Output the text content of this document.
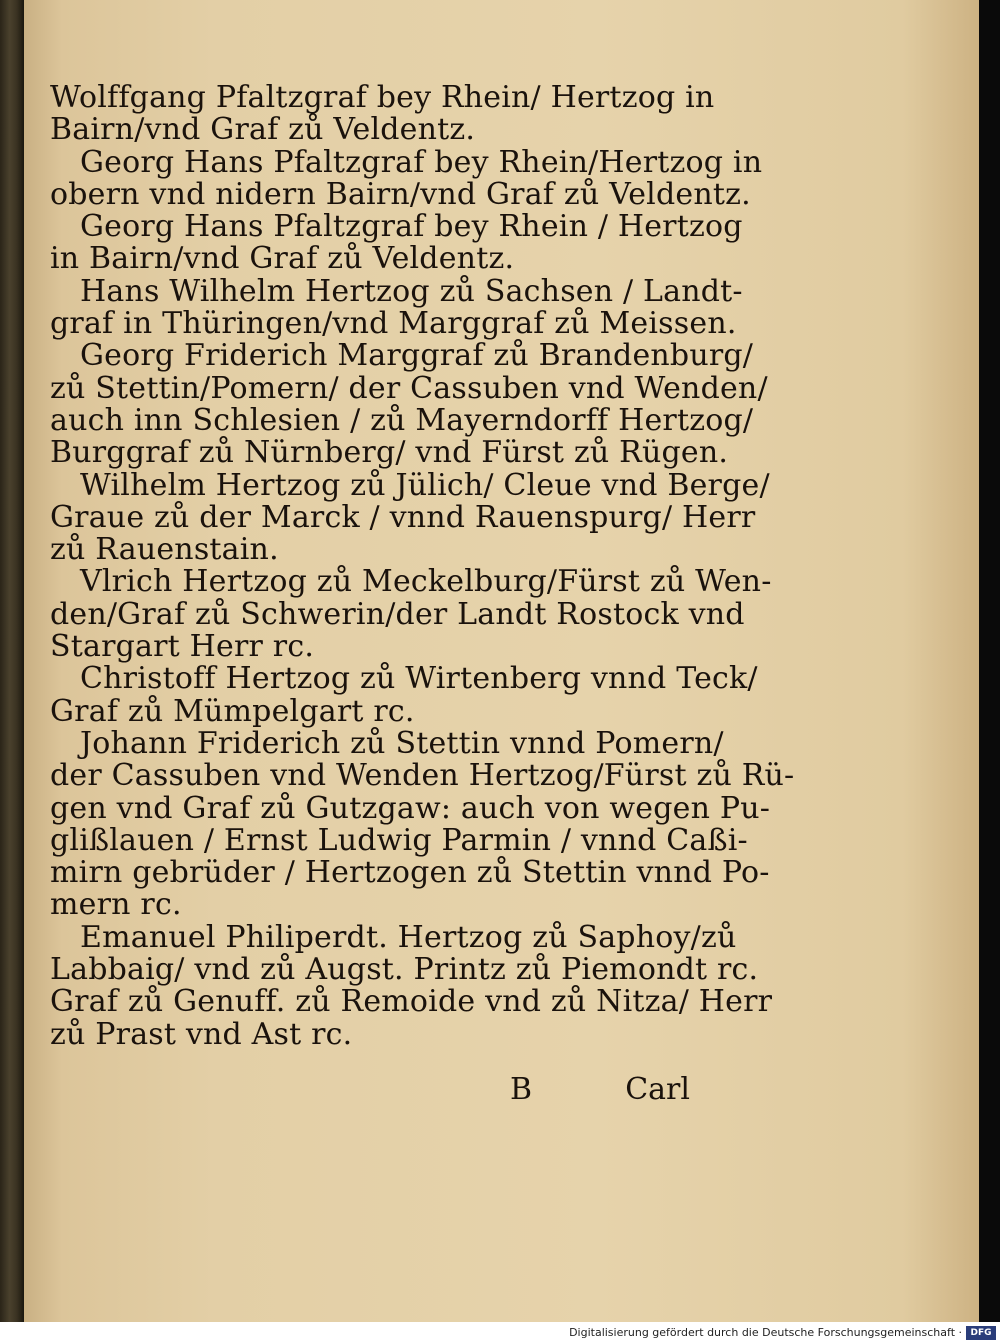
Wolffgang Pfaltzgraf bey Rhein/ Hertzog in
Bairn/vnd Graf zů Veldentz.
Georg Hans Pfaltzgraf bey Rhein/Hertzog in
obern vnd nidern Bairn/vnd Graf zů Veldentz.
Georg Hans Pfaltzgraf bey Rhein / Hertzog
in Bairn/vnd Graf zů Veldentz.
Hans Wilhelm Hertzog zů Sachsen / Landt-
graf in Thüringen/vnd Marggraf zů Meissen.
Georg Friderich Marggraf zů Brandenburg/
zů Stettin/Pomern/ der Cassuben vnd Wenden/
auch inn Schlesien / zů Mayerndorff Hertzog/
Burggraf zů Nürnberg/ vnd Fürst zů Rügen.
Wilhelm Hertzog zů Jülich/ Cleue vnd Berge/
Graue zů der Marck / vnnd Rauenspurg/ Herr
zů Rauenstain.
Vlrich Hertzog zů Meckelburg/Fürst zů Wen-
den/Graf zů Schwerin/der Landt Rostock vnd
Stargart Herr rc.
Christoff Hertzog zů Wirtenberg vnnd Teck/
Graf zů Mümpelgart rc.
Johann Friderich zů Stettin vnnd Pomern/
der Cassuben vnd Wenden Hertzog/Fürst zů Rü-
gen vnd Graf zů Gutzgaw: auch von wegen Pu-
glißlauen / Ernst Ludwig Parmin / vnnd Caßi-
mirn gebrüder / Hertzogen zů Stettin vnnd Po-
mern rc.
Emanuel Philiperdt. Hertzog zů Saphoy/zů
Labbaig/ vnd zů Augst. Printz zů Piemondt rc.
Graf zů Genuff. zů Remoide vnd zů Nitza/ Herr
zů Prast vnd Ast rc.
B	Carl
Digitalisierung gefördert durch die Deutsche Forschungsgemeinschaft · DFG
